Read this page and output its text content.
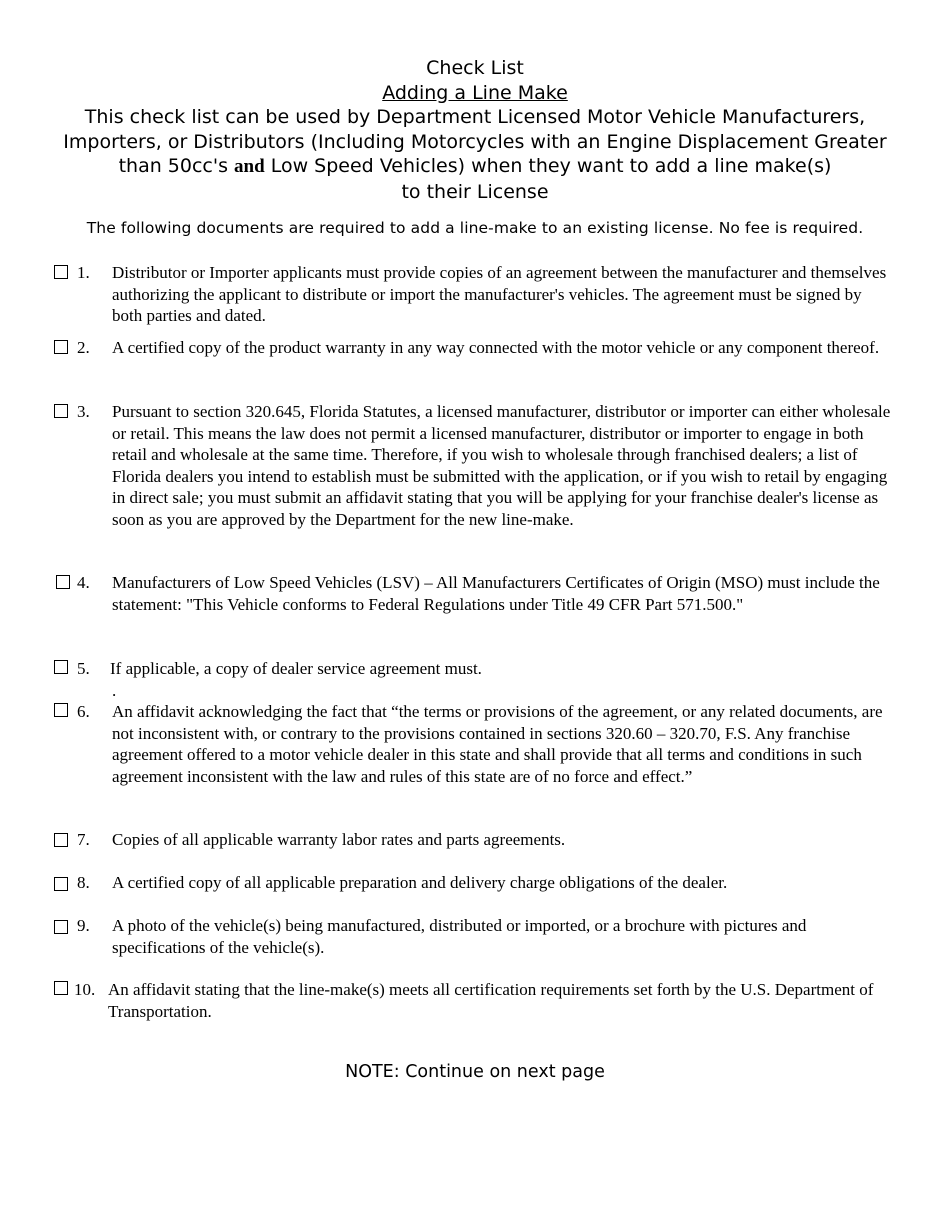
Check List
Adding a Line Make
This check list can be used by Department Licensed Motor Vehicle Manufacturers,
Importers, or Distributors (Including Motorcycles with an Engine Displacement Greater
than 50cc's and Low Speed Vehicles) when they want to add a line make(s)
to their License
The following documents are required to add a line-make to an existing license. No fee is required.
1. Distributor or Importer applicants must provide copies of an agreement between the manufacturer and themselves authorizing the applicant to distribute or import the manufacturer's vehicles. The agreement must be signed by both parties and dated.
2. A certified copy of the product warranty in any way connected with the motor vehicle or any component thereof.
3. Pursuant to section 320.645, Florida Statutes, a licensed manufacturer, distributor or importer can either wholesale or retail. This means the law does not permit a licensed manufacturer, distributor or importer to engage in both retail and wholesale at the same time. Therefore, if you wish to wholesale through franchised dealers; a list of Florida dealers you intend to establish must be submitted with the application, or if you wish to retail by engaging in direct sale; you must submit an affidavit stating that you will be applying for your franchise dealer's license as soon as you are approved by the Department for the new line-make.
4. Manufacturers of Low Speed Vehicles (LSV) – All Manufacturers Certificates of Origin (MSO) must include the statement: "This Vehicle conforms to Federal Regulations under Title 49 CFR Part 571.500."
5. If applicable, a copy of dealer service agreement must.
.
6. An affidavit acknowledging the fact that “the terms or provisions of the agreement, or any related documents, are not inconsistent with, or contrary to the provisions contained in sections 320.60 – 320.70, F.S. Any franchise agreement offered to a motor vehicle dealer in this state and shall provide that all terms and conditions in such agreement inconsistent with the law and rules of this state are of no force and effect.”
7. Copies of all applicable warranty labor rates and parts agreements.
8. A certified copy of all applicable preparation and delivery charge obligations of the dealer.
9. A photo of the vehicle(s) being manufactured, distributed or imported, or a brochure with pictures and specifications of the vehicle(s).
10. An affidavit stating that the line-make(s) meets all certification requirements set forth by the U.S. Department of Transportation.
NOTE: Continue on next page
